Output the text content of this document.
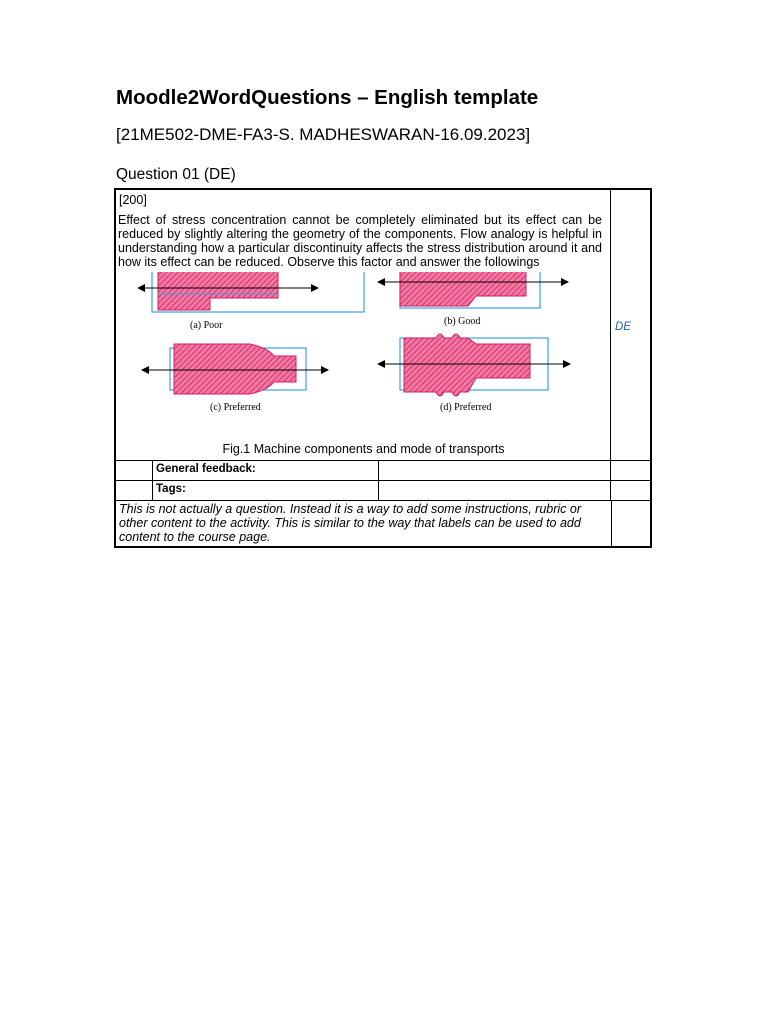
Moodle2WordQuestions – English template
[21ME502-DME-FA3-S. MADHESWARAN-16.09.2023]
Question 01 (DE)
[200]
Effect of stress concentration cannot be completely eliminated but its effect can be reduced by slightly altering the geometry of the components. Flow analogy is helpful in understanding how a particular discontinuity affects the stress distribution around it and how its effect can be reduced. Observe this factor and answer the followings
(a) Poor	(b) Good
(c) Preferred	(d) Preferred
Fig.1 Machine components and mode of transports
DE
General feedback:
Tags:
This is not actually a question. Instead it is a way to add some instructions, rubric or other content to the activity. This is similar to the way that labels can be used to add content to the course page.
